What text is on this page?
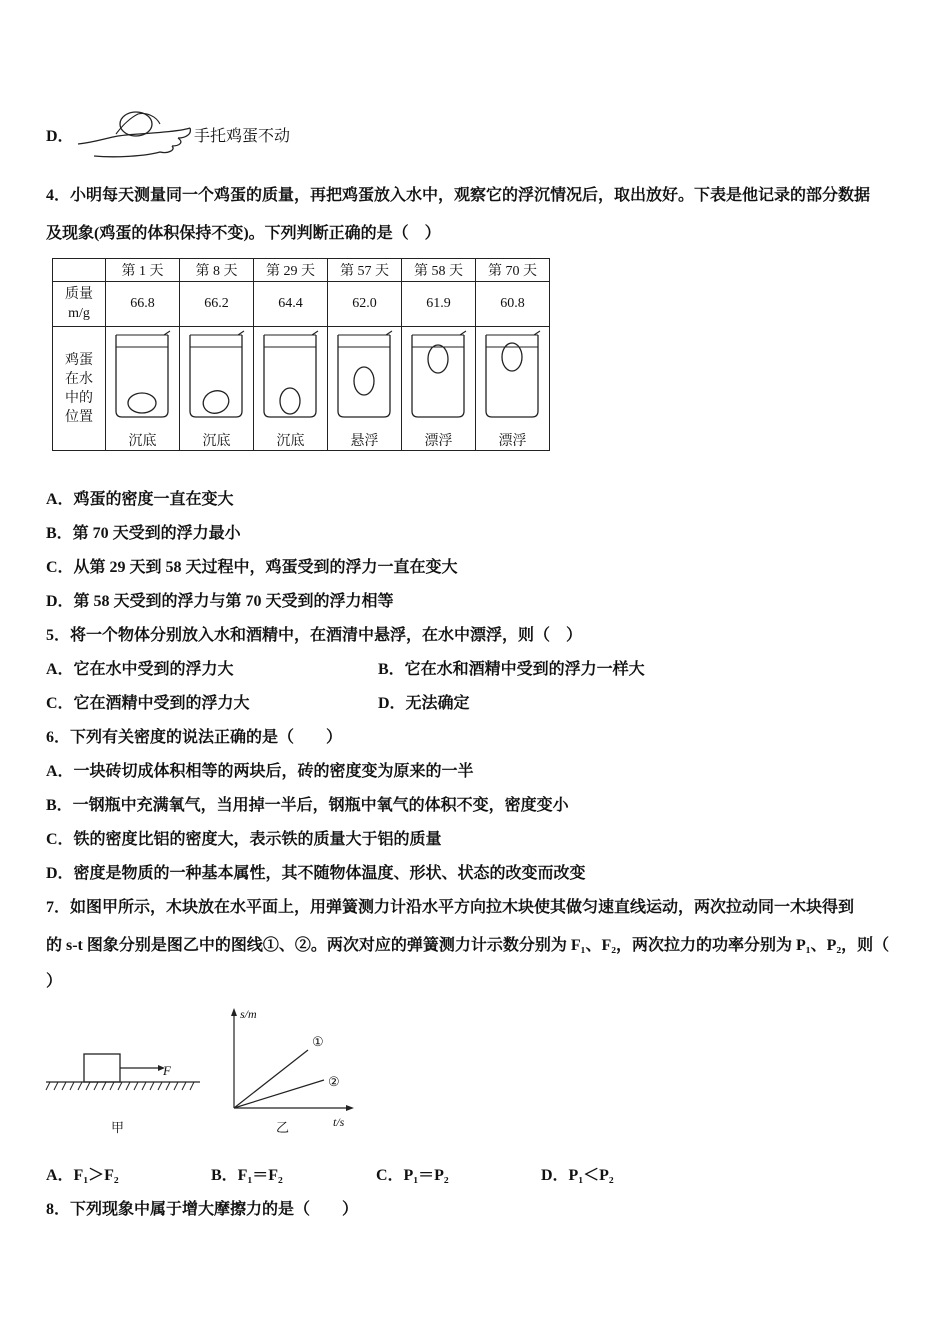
D．	手托鸡蛋不动
4．小明每天测量同一个鸡蛋的质量，再把鸡蛋放入水中，观察它的浮沉情况后，取出放好。下表是他记录的部分数据
及现象(鸡蛋的体积保持不变)。下列判断正确的是（　）
	第 1 天	第 8 天	第 29 天	第 57 天	第 58 天	第 70 天
质量
m/g	66.8	66.2	64.4	62.0	61.9	60.8
鸡蛋
在水
中的
位置	沉底	沉底	沉底	悬浮	漂浮	漂浮
A．鸡蛋的密度一直在变大
B．第 70 天受到的浮力最小
C．从第 29 天到 58 天过程中，鸡蛋受到的浮力一直在变大
D．第 58 天受到的浮力与第 70 天受到的浮力相等
5．将一个物体分别放入水和酒精中，在酒清中悬浮，在水中漂浮，则（　）
A．它在水中受到的浮力大	B．它在水和酒精中受到的浮力一样大
C．它在酒精中受到的浮力大	D．无法确定
6．下列有关密度的说法正确的是（　　）
A．一块砖切成体积相等的两块后，砖的密度变为原来的一半
B．一钢瓶中充满氧气，当用掉一半后，钢瓶中氧气的体积不变，密度变小
C．铁的密度比铝的密度大，表示铁的质量大于铝的质量
D．密度是物质的一种基本属性，其不随物体温度、形状、状态的改变而改变
7．如图甲所示，木块放在水平面上，用弹簧测力计沿水平方向拉木块使其做匀速直线运动，两次拉动同一木块得到
的 s-t 图象分别是图乙中的图线①、②。两次对应的弹簧测力计示数分别为 F₁、F₂，两次拉力的功率分别为 P₁、P₂，则（
）
F
甲
s/m
t/s
①
②
乙
A．F₁＞F₂	B．F₁＝F₂	C．P₁＝P₂	D．P₁＜P₂
8．下列现象中属于增大摩擦力的是（　　）
